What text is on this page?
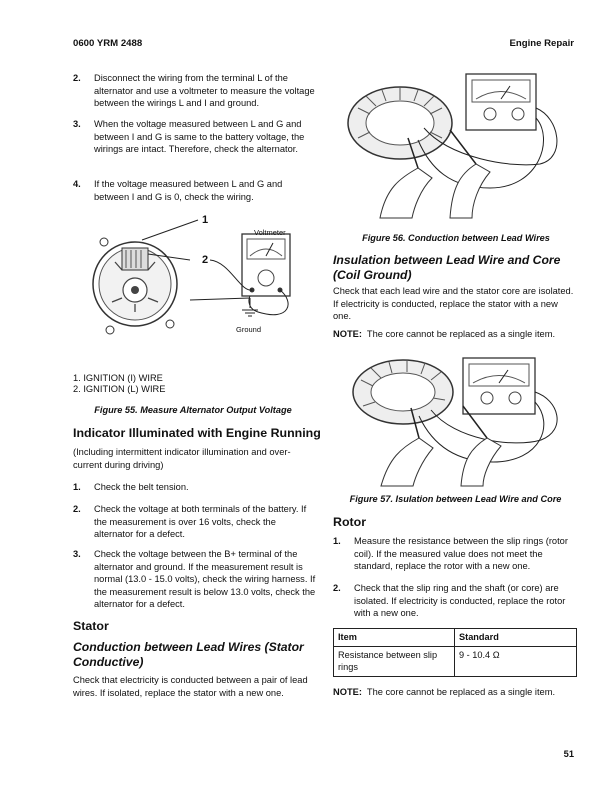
0600 YRM 2488	Engine Repair
2. Disconnect the wiring from the terminal L of the alternator and use a voltmeter to measure the voltage between the wirings L and I and ground.
3. When the voltage measured between L and G and between I and G is same to the battery voltage, the wirings are intact. Therefore, check the alternator.
4. If the voltage measured between L and G and between I and G is 0, check the wiring.
Voltmeter
Ground
1
2
1. IGNITION (I) WIRE
2. IGNITION (L) WIRE
Figure 55. Measure Alternator Output Voltage
Indicator Illuminated with Engine Running
(Including intermittent indicator illumination and over-current during driving)
1. Check the belt tension.
2. Check the voltage at both terminals of the battery. If the measurement is over 16 volts, check the alternator for a defect.
3. Check the voltage between the B+ terminal of the alternator and ground. If the measurement result is normal (13.0 - 15.0 volts), check the wiring harness. If the measurement result is below 13.0 volts, check the alternator for a defect.
Stator
Conduction between Lead Wires (Stator Conductive)
Check that electricity is conducted between a pair of lead wires. If isolated, replace the stator with a new one.
Figure 56. Conduction between Lead Wires
Insulation between Lead Wire and Core (Coil Ground)
Check that each lead wire and the stator core are isolated. If electricity is conducted, replace the stator with a new one.
NOTE: The core cannot be replaced as a single item.
Figure 57. Isulation between Lead Wire and Core
Rotor
1. Measure the resistance between the slip rings (rotor coil). If the measured value does not meet the standard, replace the rotor with a new one.
2. Check that the slip ring and the shaft (or core) are isolated. If electricity is conducted, replace the rotor with a new one.
Item	Standard
Resistance between slip rings	9 - 10.4 Ω
NOTE: The core cannot be replaced as a single item.
51
